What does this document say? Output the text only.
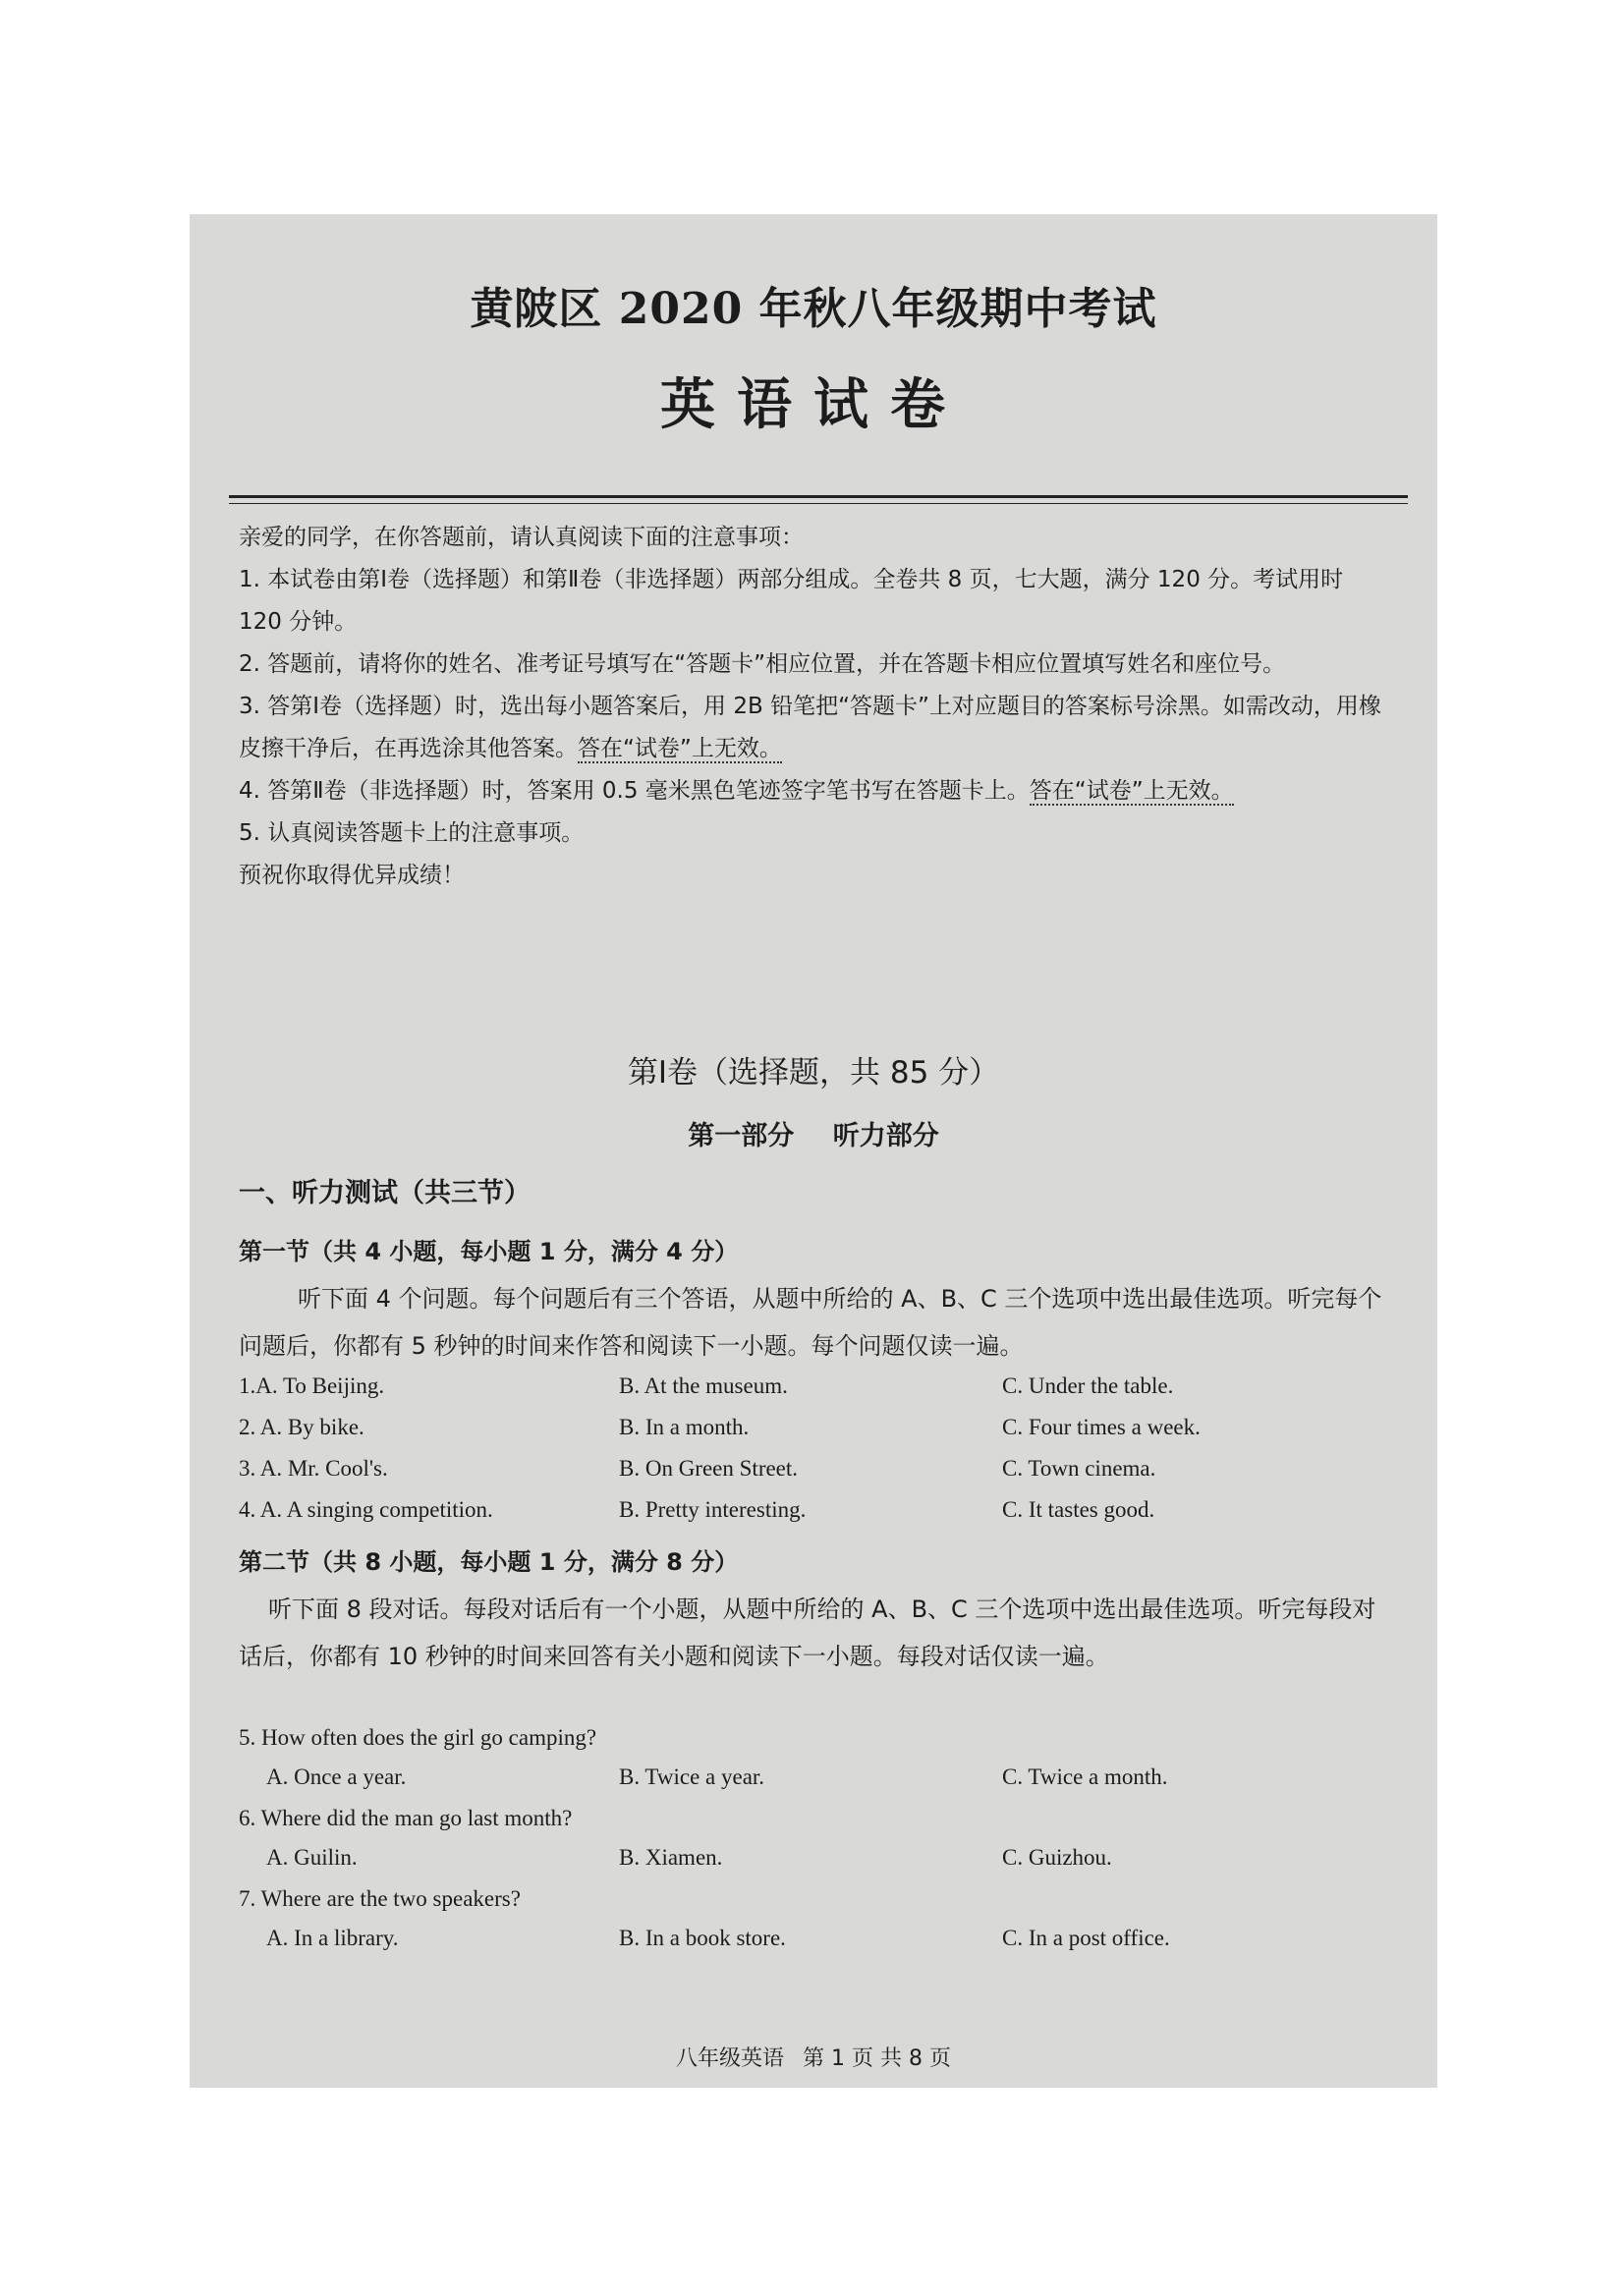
黄陂区 2020 年秋八年级期中考试
英语试卷

亲爱的同学，在你答题前，请认真阅读下面的注意事项：

1. 本试卷由第Ⅰ卷（选择题）和第Ⅱ卷（非选择题）两部分组成。全卷共 8 页，七大题，满分 120 分。考试用时 120 分钟。

2. 答题前，请将你的姓名、准考证号填写在“答题卡”相应位置，并在答题卡相应位置填写姓名和座位号。

3. 答第Ⅰ卷（选择题）时，选出每小题答案后，用 2B 铅笔把“答题卡”上对应题目的答案标号涂黑。如需改动，用橡皮擦干净后，在再选涂其他答案。答在“试卷”上无效。

4. 答第Ⅱ卷（非选择题）时，答案用 0.5 毫米黑色笔迹签字笔书写在答题卡上。答在“试卷”上无效。

5. 认真阅读答题卡上的注意事项。

预祝你取得优异成绩！

第Ⅰ卷（选择题，共 85 分）
第一部分 听力部分
一、听力测试（共三节）
第一节（共 4 小题，每小题 1 分，满分 4 分）
听下面 4 个问题。每个问题后有三个答语，从题中所给的 A、B、C 三个选项中选出最佳选项。听完每个问题后，你都有 5 秒钟的时间来作答和阅读下一小题。每个问题仅读一遍。
1.A. To Beijing.	B. At the museum.	C. Under the table.
2. A. By bike.	B. In a month.	C. Four times a week.
3. A. Mr. Cool's.	B. On Green Street.	C. Town cinema.
4. A. A singing competition.	B. Pretty interesting.	C. It tastes good.
第二节（共 8 小题，每小题 1 分，满分 8 分）
听下面 8 段对话。每段对话后有一个小题，从题中所给的 A、B、C 三个选项中选出最佳选项。听完每段对话后，你都有 10 秒钟的时间来回答有关小题和阅读下一小题。每段对话仅读一遍。
5. How often does the girl go camping?
A. Once a year.	B. Twice a year.	C. Twice a month.
6. Where did the man go last month?
A. Guilin.	B. Xiamen.	C. Guizhou.
7. Where are the two speakers?
A. In a library.	B. In a book store.	C. In a post office.
八年级英语 第 1 页 共 8 页
